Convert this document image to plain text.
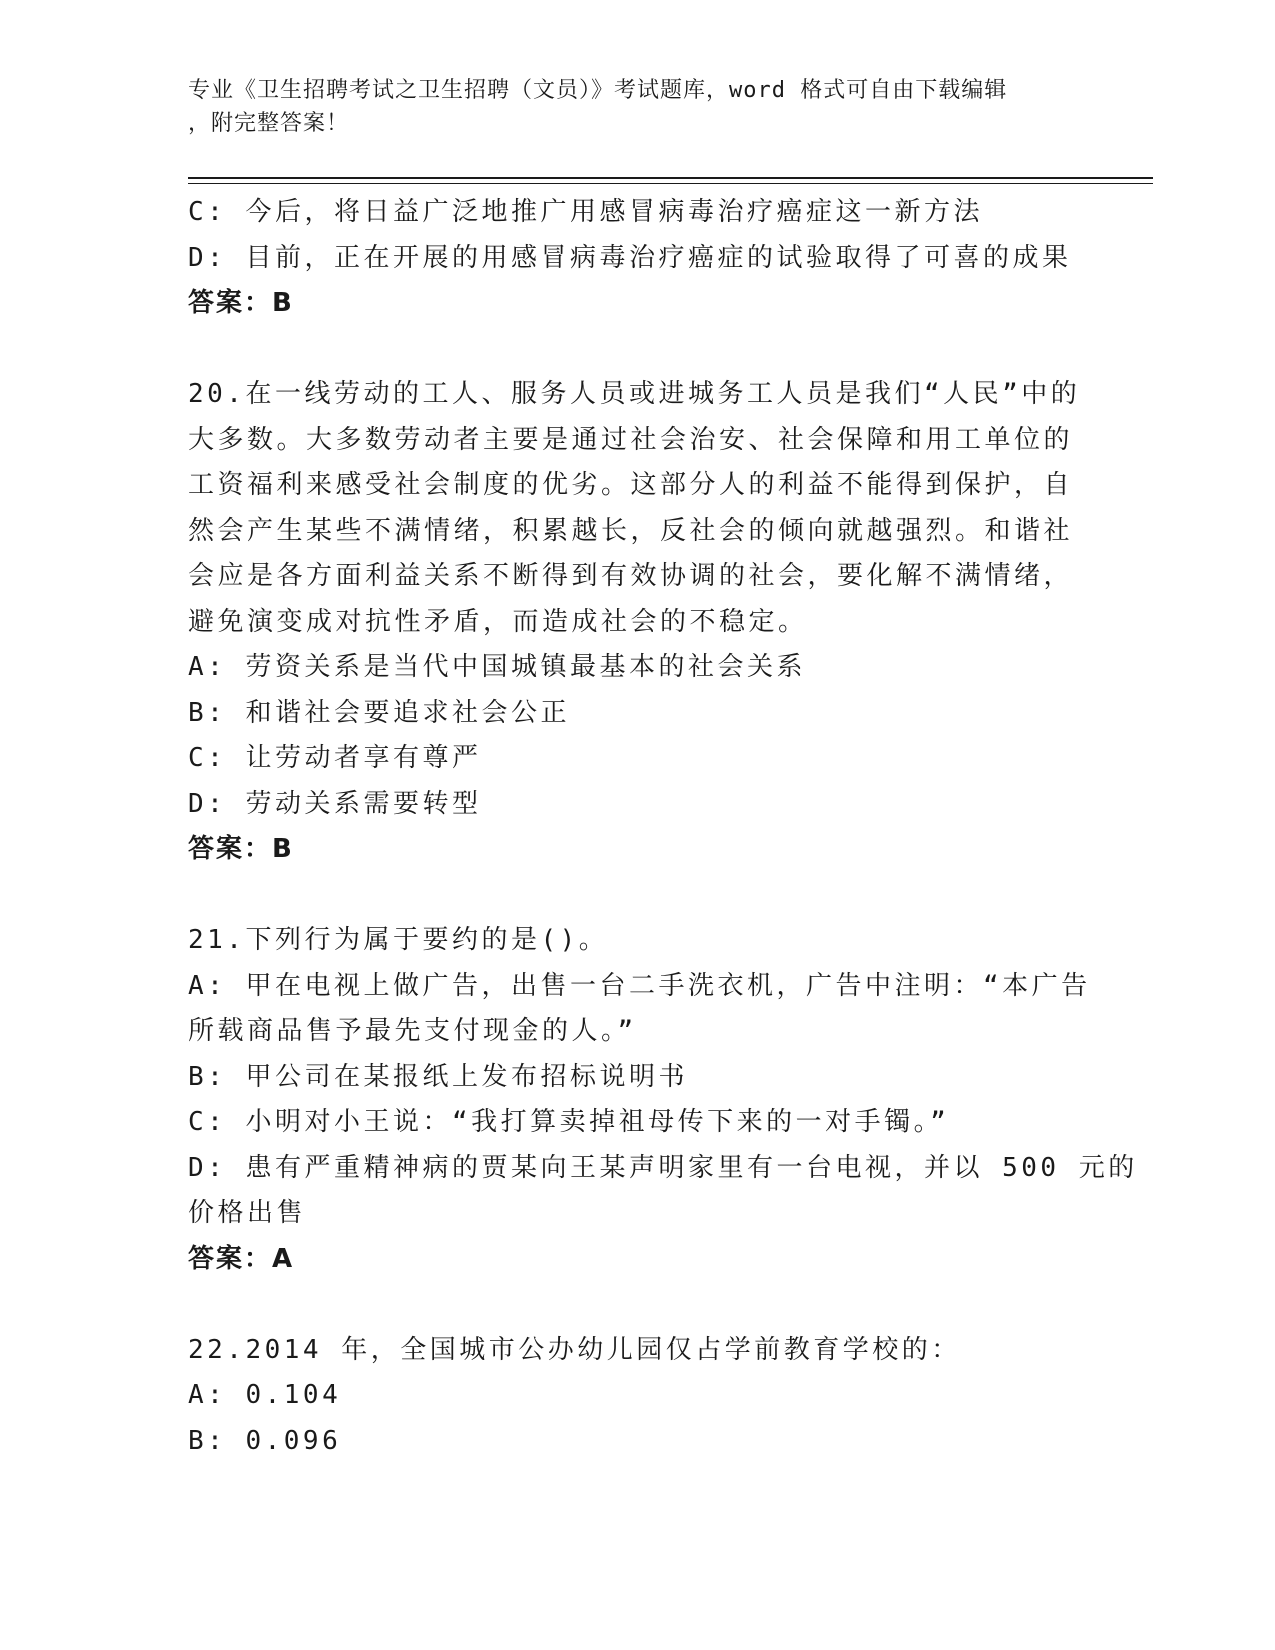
专业《卫生招聘考试之卫生招聘（文员）》考试题库，word 格式可自由下载编辑
，附完整答案！
C: 今后，将日益广泛地推广用感冒病毒治疗癌症这一新方法
D: 目前，正在开展的用感冒病毒治疗癌症的试验取得了可喜的成果
答案：B
20.在一线劳动的工人、服务人员或进城务工人员是我们“人民”中的
大多数。大多数劳动者主要是通过社会治安、社会保障和用工单位的
工资福利来感受社会制度的优劣。这部分人的利益不能得到保护，自
然会产生某些不满情绪，积累越长，反社会的倾向就越强烈。和谐社
会应是各方面利益关系不断得到有效协调的社会，要化解不满情绪，
避免演变成对抗性矛盾，而造成社会的不稳定。
A: 劳资关系是当代中国城镇最基本的社会关系
B: 和谐社会要追求社会公正
C: 让劳动者享有尊严
D: 劳动关系需要转型
答案：B
21.下列行为属于要约的是()。
A: 甲在电视上做广告，出售一台二手洗衣机，广告中注明：“本广告
所载商品售予最先支付现金的人。”
B: 甲公司在某报纸上发布招标说明书
C: 小明对小王说：“我打算卖掉祖母传下来的一对手镯。”
D: 患有严重精神病的贾某向王某声明家里有一台电视，并以 500 元的
价格出售
答案：A
22.2014 年，全国城市公办幼儿园仅占学前教育学校的：
A: 0.104
B: 0.096
